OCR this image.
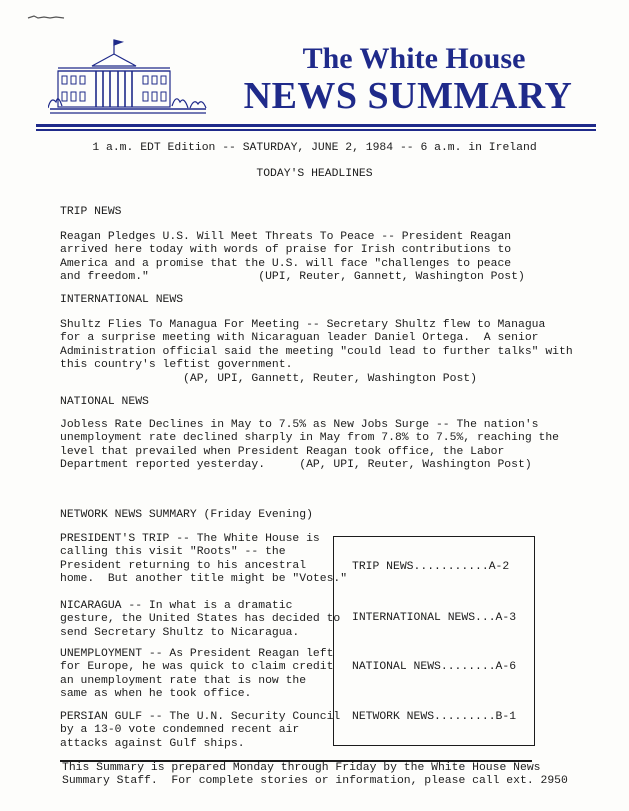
The White House
NEWS SUMMARY
1 a.m. EDT Edition -- SATURDAY, JUNE 2, 1984 -- 6 a.m. in Ireland
TODAY'S HEADLINES
TRIP NEWS
Reagan Pledges U.S. Will Meet Threats To Peace -- President Reagan
arrived here today with words of praise for Irish contributions to
America and a promise that the U.S. will face "challenges to peace
and freedom."                (UPI, Reuter, Gannett, Washington Post)
INTERNATIONAL NEWS
Shultz Flies To Managua For Meeting -- Secretary Shultz flew to Managua
for a surprise meeting with Nicaraguan leader Daniel Ortega.  A senior
Administration official said the meeting "could lead to further talks" with
this country's leftist government.
(AP, UPI, Gannett, Reuter, Washington Post)
NATIONAL NEWS
Jobless Rate Declines in May to 7.5% as New Jobs Surge -- The nation's
unemployment rate declined sharply in May from 7.8% to 7.5%, reaching the
level that prevailed when President Reagan took office, the Labor
Department reported yesterday.     (AP, UPI, Reuter, Washington Post)
NETWORK NEWS SUMMARY (Friday Evening)
PRESIDENT'S TRIP -- The White House is
calling this visit "Roots" -- the
President returning to his ancestral
home.  But another title might be "Votes."
NICARAGUA -- In what is a dramatic
gesture, the United States has decided to
send Secretary Shultz to Nicaragua.
UNEMPLOYMENT -- As President Reagan left
for Europe, he was quick to claim credit
an unemployment rate that is now the
same as when he took office.
PERSIAN GULF -- The U.N. Security Council
by a 13-0 vote condemned recent air
attacks against Gulf ships.
TRIP NEWS...........A-2
INTERNATIONAL NEWS...A-3
NATIONAL NEWS........A-6
NETWORK NEWS.........B-1
This Summary is prepared Monday through Friday by the White House News
Summary Staff.  For complete stories or information, please call ext. 2950
